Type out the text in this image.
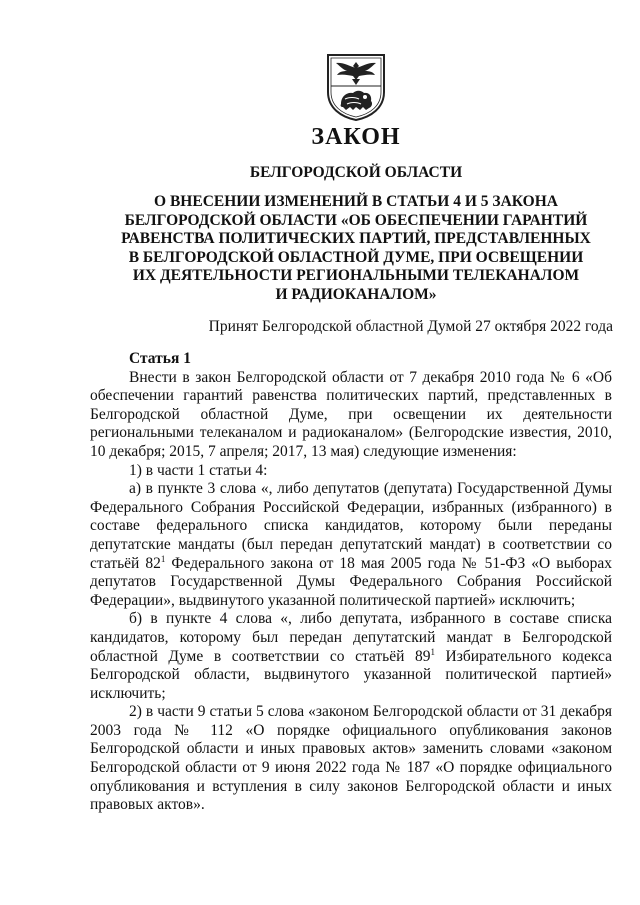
ЗАКОН
БЕЛГОРОДСКОЙ ОБЛАСТИ
О ВНЕСЕНИИ ИЗМЕНЕНИЙ В СТАТЬИ 4 И 5 ЗАКОНА
БЕЛГОРОДСКОЙ ОБЛАСТИ «ОБ ОБЕСПЕЧЕНИИ ГАРАНТИЙ
РАВЕНСТВА ПОЛИТИЧЕСКИХ ПАРТИЙ, ПРЕДСТАВЛЕННЫХ
В БЕЛГОРОДСКОЙ ОБЛАСТНОЙ ДУМЕ, ПРИ ОСВЕЩЕНИИ
ИХ ДЕЯТЕЛЬНОСТИ РЕГИОНАЛЬНЫМИ ТЕЛЕКАНАЛОМ
И РАДИОКАНАЛОМ»
Принят Белгородской областной Думой 27 октября 2022 года
Статья 1

Внести в закон Белгородской области от 7 декабря 2010 года № 6 «Об обеспечении гарантий равенства политических партий, представленных в Белгородской областной Думе, при освещении их деятельности региональными телеканалом и радиоканалом» (Белгородские известия, 2010, 10 декабря; 2015, 7 апреля; 2017, 13 мая) следующие изменения:

1) в части 1 статьи 4:

а) в пункте 3 слова «, либо депутатов (депутата) Государственной Думы Федерального Собрания Российской Федерации, избранных (избранного) в составе федерального списка кандидатов, которому были переданы депутатские мандаты (был передан депутатский мандат) в соответствии со статьёй $82^1$ Федерального закона от 18 мая 2005 года № 51-ФЗ «О выборах депутатов Государственной Думы Федерального Собрания Российской Федерации», выдвинутого указанной политической партией» исключить;

б) в пункте 4 слова «, либо депутата, избранного в составе списка кандидатов, которому был передан депутатский мандат в Белгородской областной Думе в соответствии со статьёй $89^1$ Избирательного кодекса Белгородской области, выдвинутого указанной политической партией» исключить;

2) в части 9 статьи 5 слова «законом Белгородской области от 31 декабря 2003 года № 112 «О порядке официального опубликования законов Белгородской области и иных правовых актов» заменить словами «законом Белгородской области от 9 июня 2022 года № 187 «О порядке официального опубликования и вступления в силу законов Белгородской области и иных правовых актов».
